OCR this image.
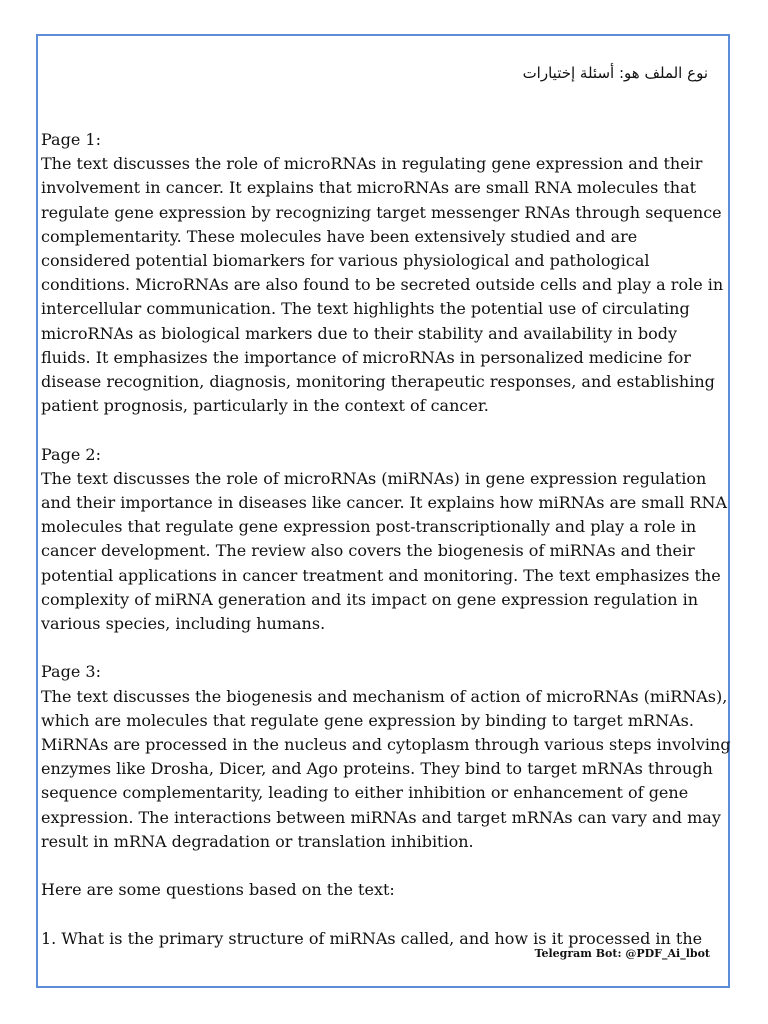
نوع الملف هو: أسئلة إختيارات

Page 1:

The text discusses the role of microRNAs in regulating gene expression and their involvement in cancer. It explains that microRNAs are small RNA molecules that regulate gene expression by recognizing target messenger RNAs through sequence complementarity. These molecules have been extensively studied and are considered potential biomarkers for various physiological and pathological conditions. MicroRNAs are also found to be secreted outside cells and play a role in intercellular communication. The text highlights the potential use of circulating microRNAs as biological markers due to their stability and availability in body fluids. It emphasizes the importance of microRNAs in personalized medicine for disease recognition, diagnosis, monitoring therapeutic responses, and establishing patient prognosis, particularly in the context of cancer.

Page 2:

The text discusses the role of microRNAs (miRNAs) in gene expression regulation and their importance in diseases like cancer. It explains how miRNAs are small RNA molecules that regulate gene expression post-transcriptionally and play a role in cancer development. The review also covers the biogenesis of miRNAs and their potential applications in cancer treatment and monitoring. The text emphasizes the complexity of miRNA generation and its impact on gene expression regulation in various species, including humans.

Page 3:

The text discusses the biogenesis and mechanism of action of microRNAs (miRNAs), which are molecules that regulate gene expression by binding to target mRNAs. MiRNAs are processed in the nucleus and cytoplasm through various steps involving enzymes like Drosha, Dicer, and Ago proteins. They bind to target mRNAs through sequence complementarity, leading to either inhibition or enhancement of gene expression. The interactions between miRNAs and target mRNAs can vary and may result in mRNA degradation or translation inhibition.

Here are some questions based on the text:

1. What is the primary structure of miRNAs called, and how is it processed in the

Telegram Bot: @PDF_Ai_lbot
